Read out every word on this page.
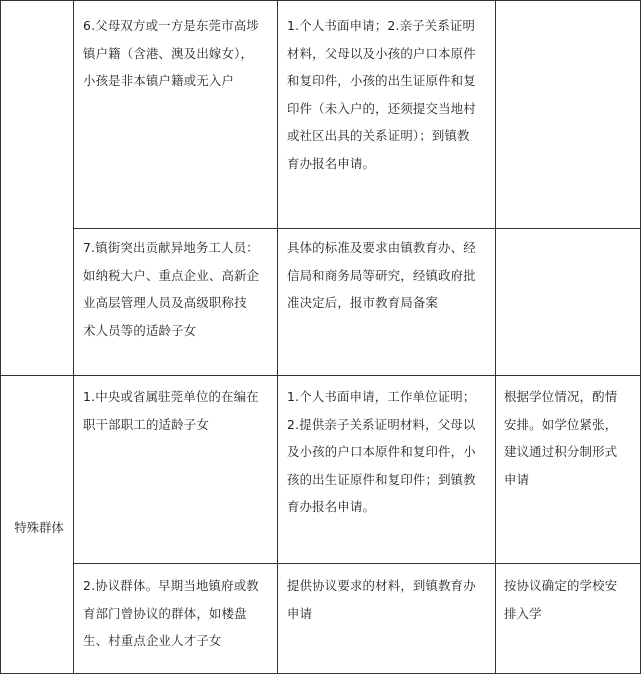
6.父母双方或一方是东莞市高埗
镇户籍（含港、澳及出嫁女），
小孩是非本镇户籍或无入户
1.个人书面申请；2.亲子关系证明
材料，父母以及小孩的户口本原件
和复印件，小孩的出生证原件和复
印件（未入户的，还须提交当地村
或社区出具的关系证明）；到镇教
育办报名申请。
7.镇街突出贡献异地务工人员：
如纳税大户、重点企业、高新企
业高层管理人员及高级职称技
术人员等的适龄子女
具体的标准及要求由镇教育办、经
信局和商务局等研究，经镇政府批
准决定后，报市教育局备案
特殊群体
1.中央或省属驻莞单位的在编在
职干部职工的适龄子女
1.个人书面申请，工作单位证明；
2.提供亲子关系证明材料，父母以
及小孩的户口本原件和复印件，小
孩的出生证原件和复印件；到镇教
育办报名申请。
根据学位情况，酌情
安排。如学位紧张，
建议通过积分制形式
申请
2.协议群体。早期当地镇府或教
育部门曾协议的群体，如楼盘
生、村重点企业人才子女
提供协议要求的材料，到镇教育办
申请
按协议确定的学校安
排入学
